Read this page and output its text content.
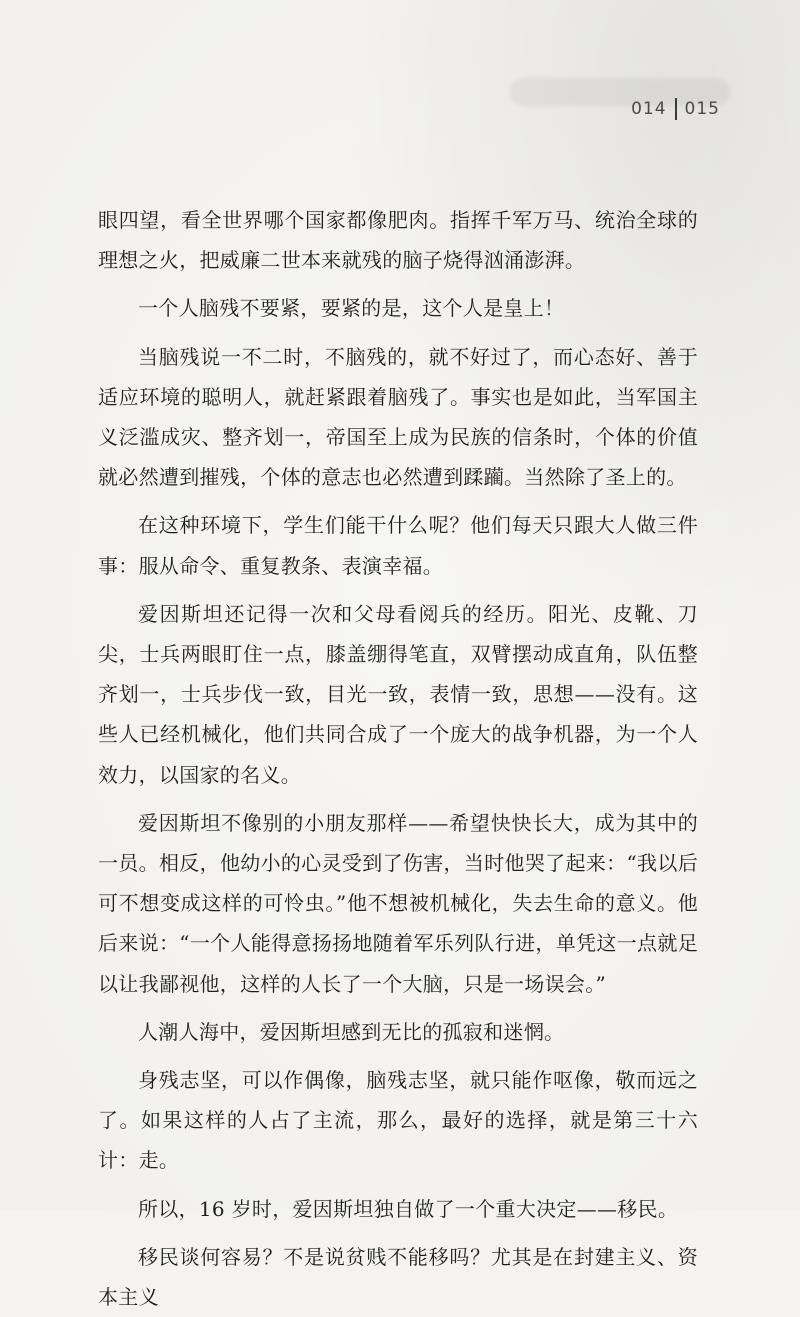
014 015

眼四望，看全世界哪个国家都像肥肉。指挥千军万马、统治全球的理想之火，把威廉二世本来就残的脑子烧得汹涌澎湃。

一个人脑残不要紧，要紧的是，这个人是皇上！

当脑残说一不二时，不脑残的，就不好过了，而心态好、善于适应环境的聪明人，就赶紧跟着脑残了。事实也是如此，当军国主义泛滥成灾、整齐划一，帝国至上成为民族的信条时，个体的价值就必然遭到摧残，个体的意志也必然遭到蹂躏。当然除了圣上的。

在这种环境下，学生们能干什么呢？他们每天只跟大人做三件事：服从命令、重复教条、表演幸福。

爱因斯坦还记得一次和父母看阅兵的经历。阳光、皮靴、刀尖，士兵两眼盯住一点，膝盖绷得笔直，双臂摆动成直角，队伍整齐划一，士兵步伐一致，目光一致，表情一致，思想——没有。这些人已经机械化，他们共同合成了一个庞大的战争机器，为一个人效力，以国家的名义。

爱因斯坦不像别的小朋友那样——希望快快长大，成为其中的一员。相反，他幼小的心灵受到了伤害，当时他哭了起来：“我以后可不想变成这样的可怜虫。”他不想被机械化，失去生命的意义。他后来说：“一个人能得意扬扬地随着军乐列队行进，单凭这一点就足以让我鄙视他，这样的人长了一个大脑，只是一场误会。”

人潮人海中，爱因斯坦感到无比的孤寂和迷惘。

身残志坚，可以作偶像，脑残志坚，就只能作呕像，敬而远之了。如果这样的人占了主流，那么，最好的选择，就是第三十六计：走。

所以，16 岁时，爱因斯坦独自做了一个重大决定——移民。

移民谈何容易？不是说贫贱不能移吗？尤其是在封建主义、资本主义
